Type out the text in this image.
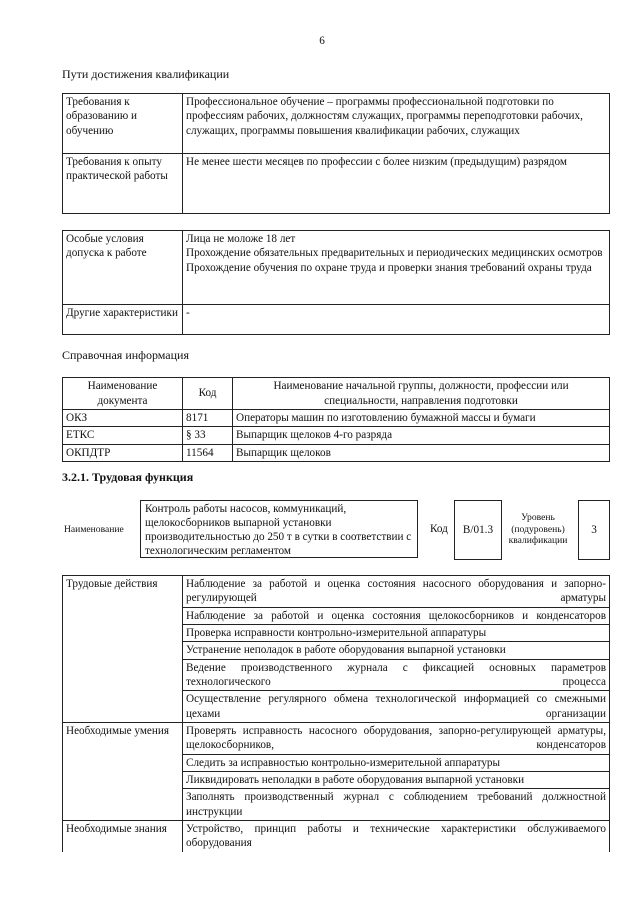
6
Пути достижения квалификации
Требования к образованию и обучению	Профессиональное обучение – программы профессиональной подготовки по профессиям рабочих, должностям служащих, программы переподготовки рабочих, служащих, программы повышения квалификации рабочих, служащих
Требования к опыту практической работы	Не менее шести месяцев по профессии с более низким (предыдущим) разрядом
Особые условия допуска к работе	Лица не моложе 18 лет
Прохождение обязательных предварительных и периодических медицинских осмотров
Прохождение обучения по охране труда и проверки знания требований охраны труда

Другие характеристики	-
Справочная информация
Наименование документа	Код	Наименование начальной группы, должности, профессии или специальности, направления подготовки
ОКЗ	8171	Операторы машин по изготовлению бумажной массы и бумаги
ЕТКС	§ 33	Выпарщик щелоков 4-го разряда
ОКПДТР	11564	Выпарщик щелоков
3.2.1. Трудовая функция
Наименование
Контроль работы насосов, коммуникаций, щелокосборников выпарной установки производительностью до 250 т в сутки в соответствии с технологическим регламентом
Код	В/01.3
Уровень (подуровень) квалификации
3
Трудовые действия	Наблюдение за работой и оценка состояния насосного оборудования и запорно-регулирующей арматуры
	Наблюдение за работой и оценка состояния щелокосборников и конденсаторов
	Проверка исправности контрольно-измерительной аппаратуры
	Устранение неполадок в работе оборудования выпарной установки
	Ведение производственного журнала с фиксацией основных параметров технологического процесса
	Осуществление регулярного обмена технологической информацией со смежными цехами организации
Необходимые умения	Проверять исправность насосного оборудования, запорно-регулирующей арматуры, щелокосборников, конденсаторов
	Следить за исправностью контрольно-измерительной аппаратуры
	Ликвидировать неполадки в работе оборудования выпарной установки
	Заполнять производственный журнал с соблюдением требований должностной инструкции
Необходимые знания	Устройство, принцип работы и технические характеристики обслуживаемого оборудования
